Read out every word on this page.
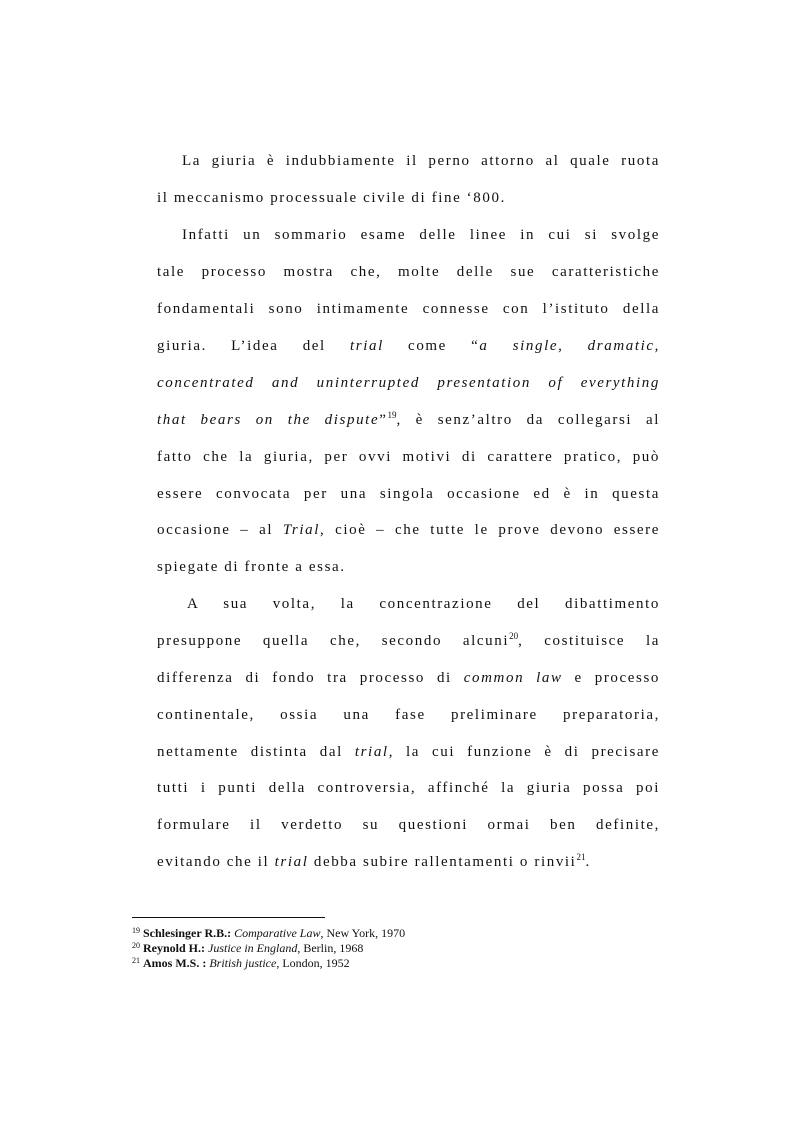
La giuria è indubbiamente il perno attorno al quale ruota

il meccanismo processuale civile di fine ‘800.

Infatti un sommario esame delle linee in cui si svolge

tale processo mostra che, molte delle sue caratteristiche

fondamentali sono intimamente connesse con l’istituto della

giuria. L’idea del trial come “a single, dramatic,

concentrated and uninterrupted presentation of everything

that bears on the dispute”$^{19}$, è senz’altro da collegarsi al

fatto che la giuria, per ovvi motivi di carattere pratico, può

essere convocata per una singola occasione ed è in questa

occasione – al Trial, cioè – che tutte le prove devono essere

spiegate di fronte a essa.

A sua volta, la concentrazione del dibattimento

presuppone quella che, secondo alcuni$^{20}$, costituisce la

differenza di fondo tra processo di common law e processo

continentale, ossia una fase preliminare preparatoria,

nettamente distinta dal trial, la cui funzione è di precisare

tutti i punti della controversia, affinché la giuria possa poi

formulare il verdetto su questioni ormai ben definite,

evitando che il trial debba subire rallentamenti o rinvii$^{21}$.

$^{19}$ Schlesinger R.B.: Comparative Law, New York, 1970
$^{20}$ Reynold H.: Justice in England, Berlin, 1968
$^{21}$ Amos M.S. : British justice, London, 1952
